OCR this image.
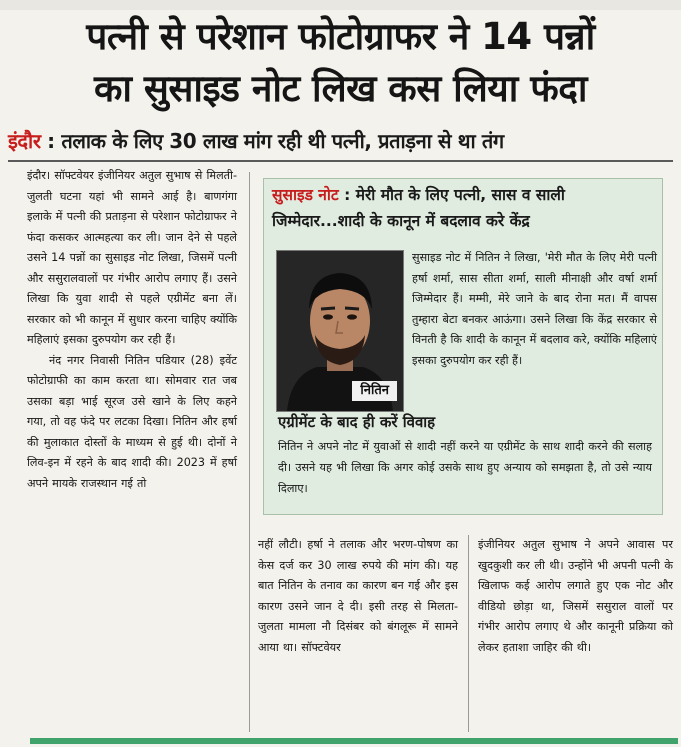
पत्नी से परेशान फोटोग्राफर ने 14 पन्नों
का सुसाइड नोट लिख कस लिया फंदा
इंदौर : तलाक के लिए 30 लाख मांग रही थी पत्नी, प्रताड़ना से था तंग

इंदौर। सॉफ्टवेयर इंजीनियर अतुल सुभाष से मिलती-जुलती घटना यहां भी सामने आई है। बाणगंगा इलाके में पत्नी की प्रताड़ना से परेशान फोटोग्राफर ने फंदा कसकर आत्महत्या कर ली। जान देने से पहले उसने 14 पन्नों का सुसाइड नोट लिखा, जिसमें पत्नी और ससुरालवालों पर गंभीर आरोप लगाए हैं। उसने लिखा कि युवा शादी से पहले एग्रीमेंट बना लें। सरकार को भी कानून में सुधार करना चाहिए क्योंकि महिलाएं इसका दुरुपयोग कर रही हैं।

नंद नगर निवासी नितिन पडियार (28) इवेंट फोटोग्राफी का काम करता था। सोमवार रात जब उसका बड़ा भाई सूरज उसे खाने के लिए कहने गया, तो वह फंदे पर लटका दिखा। नितिन और हर्षा की मुलाकात दोस्तों के माध्यम से हुई थी। दोनों ने लिव-इन में रहने के बाद शादी की। 2023 में हर्षा अपने मायके राजस्थान गई तो

सुसाइड नोट : मेरी मौत के लिए पत्नी, सास व साली जिम्मेदार...शादी के कानून में बदलाव करे केंद्र
नितिन
सुसाइड नोट में नितिन ने लिखा, 'मेरी मौत के लिए मेरी पत्नी हर्षा शर्मा, सास सीता शर्मा, साली मीनाक्षी और वर्षा शर्मा जिम्मेदार हैं। मम्मी, मेरे जाने के बाद रोना मत। मैं वापस तुम्हारा बेटा बनकर आऊंगा। उसने लिखा कि केंद्र सरकार से विनती है कि शादी के कानून में बदलाव करे, क्योंकि महिलाएं इसका दुरुपयोग कर रही हैं।
एग्रीमेंट के बाद ही करें विवाह
नितिन ने अपने नोट में युवाओं से शादी नहीं करने या एग्रीमेंट के साथ शादी करने की सलाह दी। उसने यह भी लिखा कि अगर कोई उसके साथ हुए अन्याय को समझता है, तो उसे न्याय दिलाए।
नहीं लौटी। हर्षा ने तलाक और भरण-पोषण का केस दर्ज कर 30 लाख रुपये की मांग की। यह बात नितिन के तनाव का कारण बन गई और इस कारण उसने जान दे दी। इसी तरह से मिलता-जुलता मामला नौ दिसंबर को बंगलूरू में सामने आया था। सॉफ्टवेयर
इंजीनियर अतुल सुभाष ने अपने आवास पर खुदकुशी कर ली थी। उन्होंने भी अपनी पत्नी के खिलाफ कई आरोप लगाते हुए एक नोट और वीडियो छोड़ा था, जिसमें ससुराल वालों पर गंभीर आरोप लगाए थे और कानूनी प्रक्रिया को लेकर हताशा जाहिर की थी।
